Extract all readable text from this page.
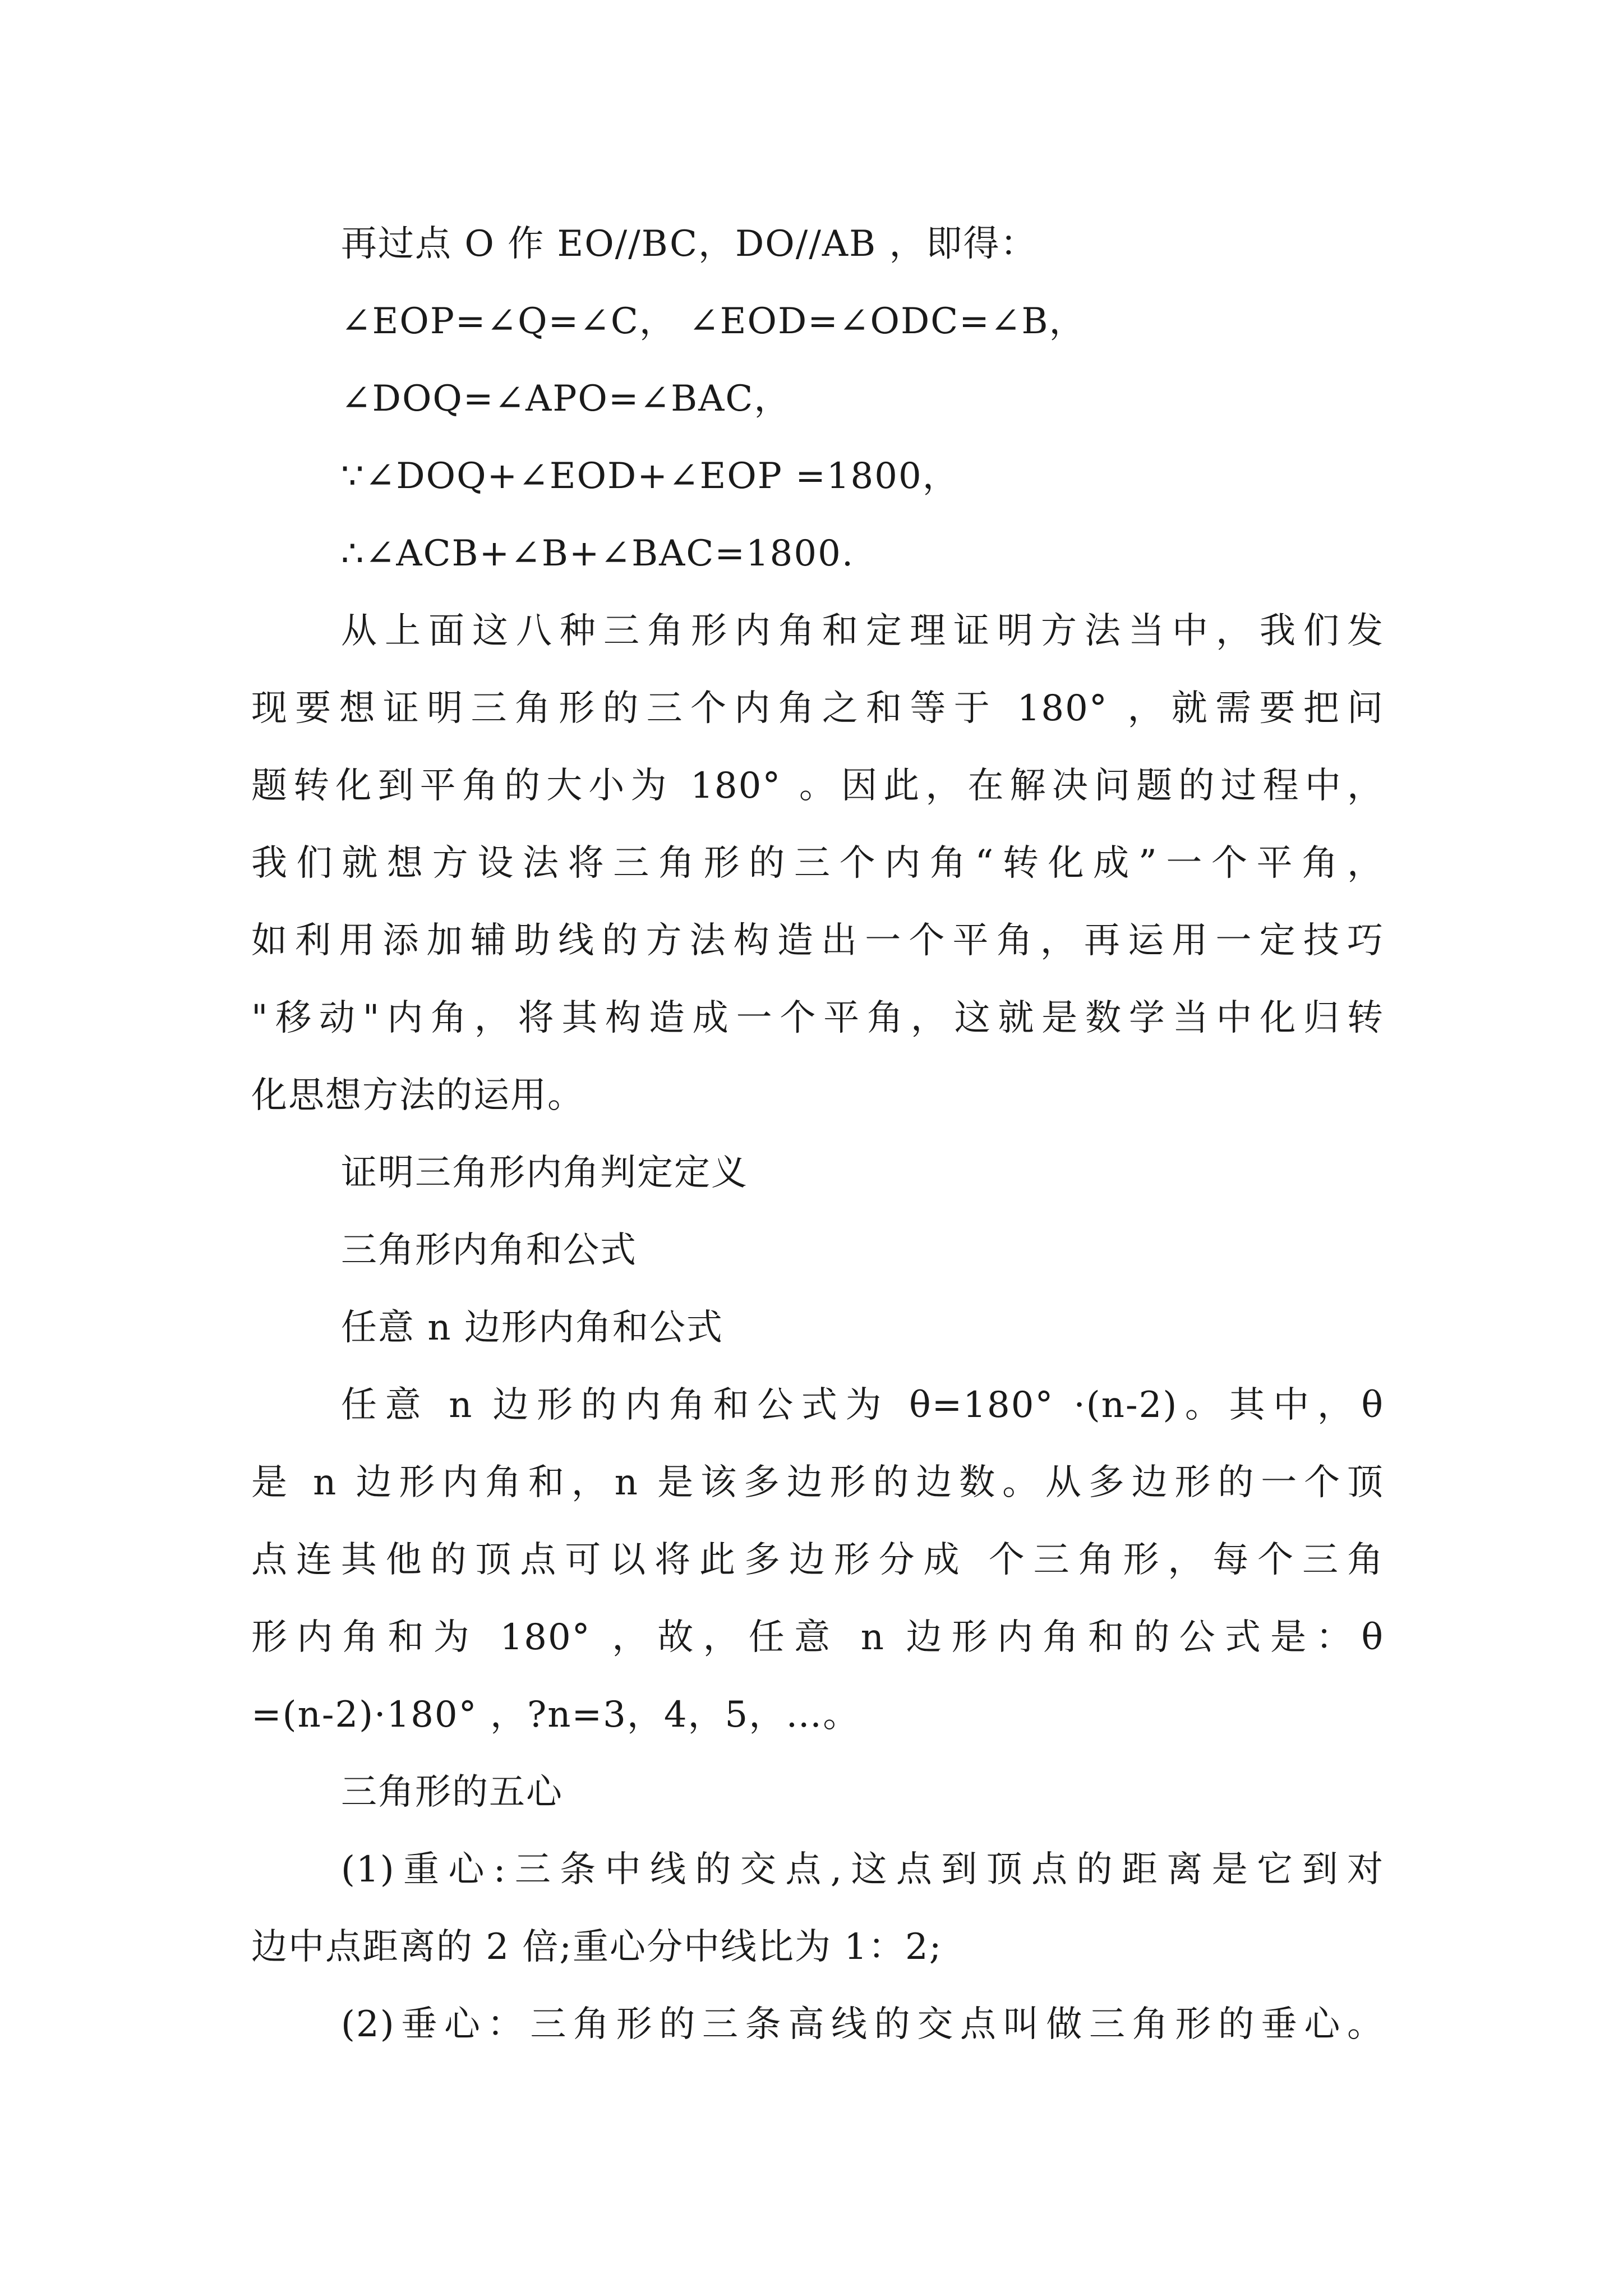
再过点 O 作 EO//BC，DO//AB ，即得：
∠EOP=∠Q=∠C， ∠EOD=∠ODC=∠B，
∠DOQ=∠APO=∠BAC，
∵∠DOQ+∠EOD+∠EOP =1800，
∴∠ACB+∠B+∠BAC=1800.
从上面这八种三角形内角和定理证明方法当中，我们发
现要想证明三角形的三个内角之和等于 180° ，就需要把问
题转化到平角的大小为 180° 。因此，在解决问题的过程中，
我们就想方设法将三角形的三个内角“转化成”一个平角，
如利用添加辅助线的方法构造出一个平角，再运用一定技巧
"移动"内角，将其构造成一个平角，这就是数学当中化归转
化思想方法的运用。
证明三角形内角判定定义
三角形内角和公式
任意 n 边形内角和公式
任意 n 边形的内角和公式为 θ=180° ·(n-2)。其中，θ
是 n 边形内角和，n 是该多边形的边数。从多边形的一个顶
点连其他的顶点可以将此多边形分成 个三角形，每个三角
形内角和为 180° ，故，任意 n 边形内角和的公式是：θ
=(n-2)·180° ，?n=3，4，5，…。
三角形的五心
(1)重心:三条中线的交点,这点到顶点的距离是它到对
边中点距离的 2 倍;重心分中线比为 1：2;
(2)垂心：三角形的三条高线的交点叫做三角形的垂心。
